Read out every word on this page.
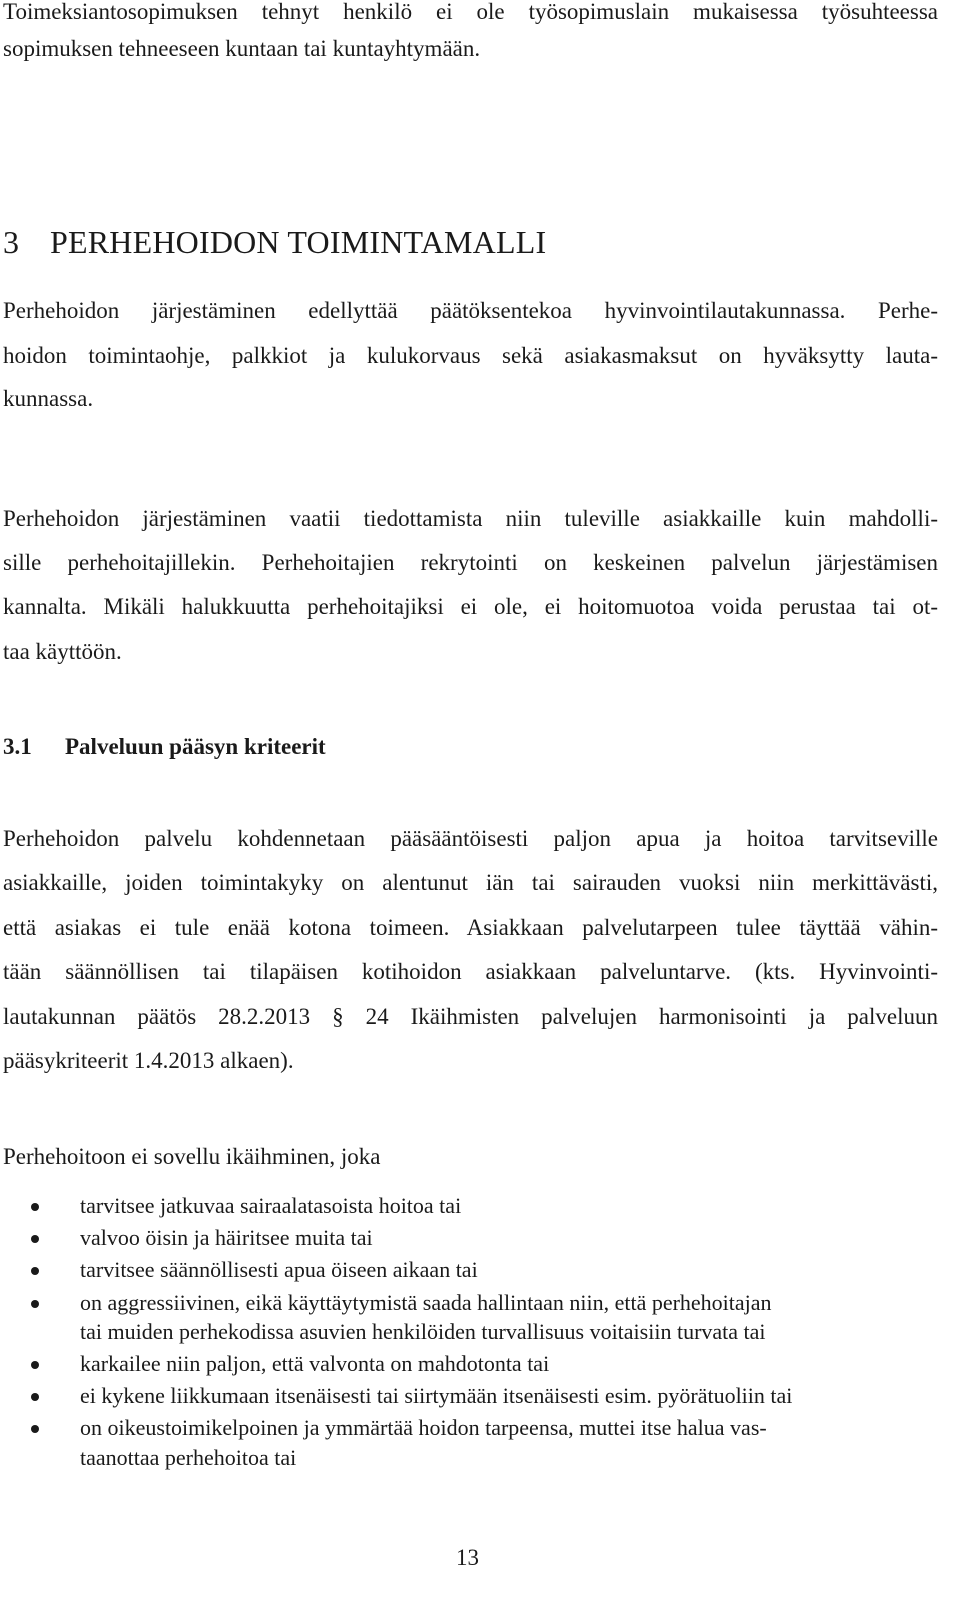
Toimeksiantosopimuksen tehnyt henkilö ei ole työsopimuslain mukaisessa työsuhteessa
sopimuksen tehneeseen kuntaan tai kuntayhtymään.
3 PERHEHOIDON TOIMINTAMALLI
Perhehoidon järjestäminen edellyttää päätöksentekoa hyvinvointilautakunnassa. Perhe-
hoidon toimintaohje, palkkiot ja kulukorvaus sekä asiakasmaksut on hyväksytty lauta-
kunnassa.
Perhehoidon järjestäminen vaatii tiedottamista niin tuleville asiakkaille kuin mahdolli-
sille perhehoitajillekin. Perhehoitajien rekrytointi on keskeinen palvelun järjestämisen
kannalta. Mikäli halukkuutta perhehoitajiksi ei ole, ei hoitomuotoa voida perustaa tai ot-
taa käyttöön.
3.1 Palveluun pääsyn kriteerit
Perhehoidon palvelu kohdennetaan pääsääntöisesti paljon apua ja hoitoa tarvitseville
asiakkaille, joiden toimintakyky on alentunut iän tai sairauden vuoksi niin merkittävästi,
että asiakas ei tule enää kotona toimeen. Asiakkaan palvelutarpeen tulee täyttää vähin-
tään säännöllisen tai tilapäisen kotihoidon asiakkaan palveluntarve. (kts. Hyvinvointi-
lautakunnan päätös 28.2.2013 § 24 Ikäihmisten palvelujen harmonisointi ja palveluun
pääsykriteerit 1.4.2013 alkaen).
Perhehoitoon ei sovellu ikäihminen, joka
tarvitsee jatkuvaa sairaalatasoista hoitoa tai
valvoo öisin ja häiritsee muita tai
tarvitsee säännöllisesti apua öiseen aikaan tai
on aggressiivinen, eikä käyttäytymistä saada hallintaan niin, että perhehoitajan
tai muiden perhekodissa asuvien henkilöiden turvallisuus voitaisiin turvata tai
karkailee niin paljon, että valvonta on mahdotonta tai
ei kykene liikkumaan itsenäisesti tai siirtymään itsenäisesti esim. pyörätuoliin tai
on oikeustoimikelpoinen ja ymmärtää hoidon tarpeensa, muttei itse halua vas-
taanottaa perhehoitoa tai
13
